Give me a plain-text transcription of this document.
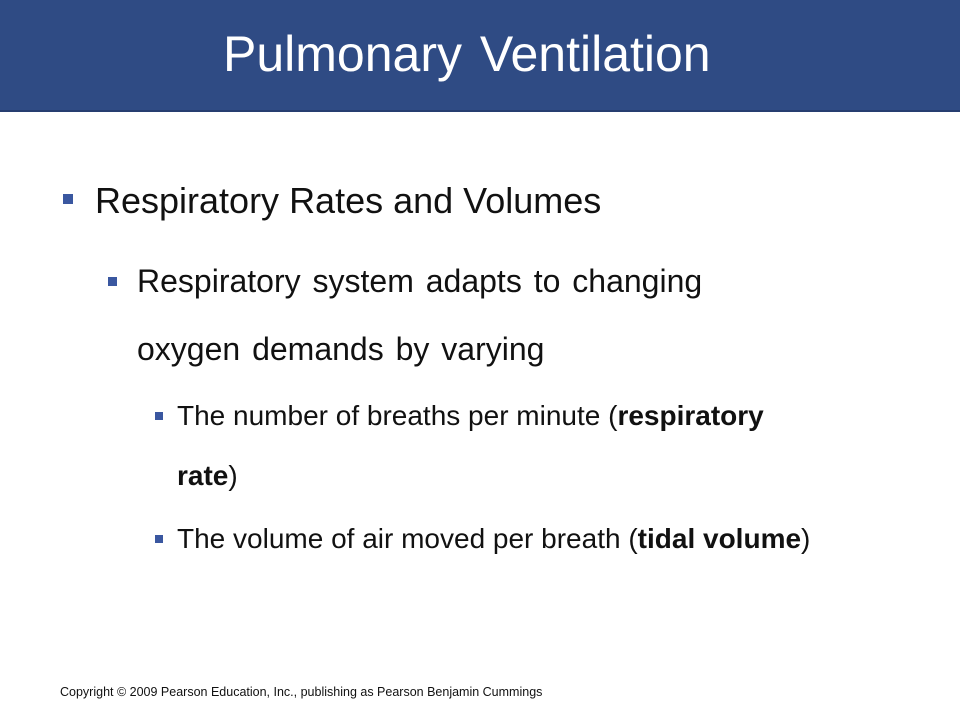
Pulmonary Ventilation

Respiratory Rates and Volumes

Respiratory system adapts to changing

oxygen demands by varying

The number of breaths per minute (respiratory

rate)

The volume of air moved per breath (tidal volume)

Copyright © 2009 Pearson Education, Inc., publishing as Pearson Benjamin Cummings
